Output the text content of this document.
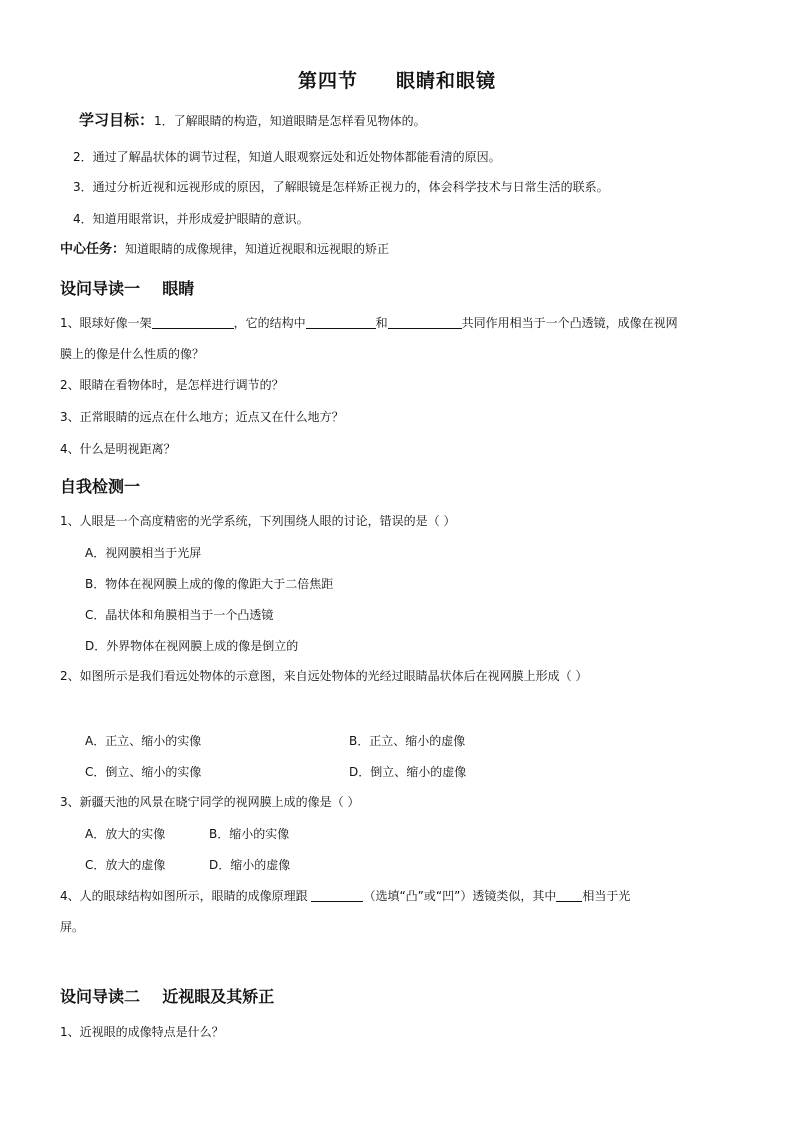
第四节     眼睛和眼镜
学习目标：1．了解眼睛的构造，知道眼睛是怎样看见物体的。
2．通过了解晶状体的调节过程，知道人眼观察远处和近处物体都能看清的原因。
3．通过分析近视和远视形成的原因，了解眼镜是怎样矫正视力的，体会科学技术与日常生活的联系。
4．知道用眼常识，并形成爱护眼睛的意识。
中心任务：知道眼睛的成像规律，知道近视眼和远视眼的矫正
设问导读一    眼睛
1、眼球好像一架	，它的结构中	和	共同作用相当于一个凸透镜，成像在视网
膜上的像是什么性质的像？
2、眼睛在看物体时，是怎样进行调节的？
3、正常眼睛的远点在什么地方；近点又在什么地方？
4、什么是明视距离？
自我检测一
1、人眼是一个高度精密的光学系统，下列围绕人眼的讨论，错误的是（ ）
A．视网膜相当于光屏
B．物体在视网膜上成的像的像距大于二倍焦距
C．晶状体和角膜相当于一个凸透镜
D．外界物体在视网膜上成的像是倒立的
2、如图所示是我们看远处物体的示意图，来自远处物体的光经过眼睛晶状体后在视网膜上形成（ ）
A．正立、缩小的实像	B．正立、缩小的虚像
C．倒立、缩小的实像	D．倒立、缩小的虚像
3、新疆天池的风景在晓宁同学的视网膜上成的像是（ ）
A．放大的实像	B．缩小的实像
C．放大的虚像	D．缩小的虚像
4、人的眼球结构如图所示，眼睛的成像原理跟	（选填“凸”或“凹”）透镜类似，其中 相当于光
屏。
设问导读二    近视眼及其矫正
1、近视眼的成像特点是什么？
